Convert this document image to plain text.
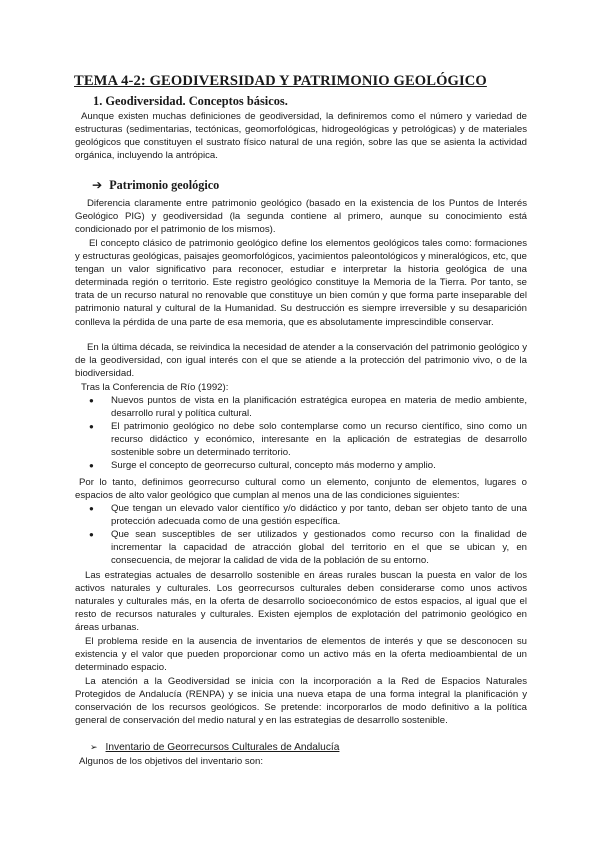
TEMA 4-2: GEODIVERSIDAD Y PATRIMONIO GEOLÓGICO
1. Geodiversidad. Conceptos básicos.

Aunque existen muchas definiciones de geodiversidad, la definiremos como el número y variedad de estructuras (sedimentarias, tectónicas, geomorfológicas, hidrogeológicas y petrológicas) y de materiales geológicos que constituyen el sustrato físico natural de una región, sobre las que se asienta la actividad orgánica, incluyendo la antrópica.

➔ Patrimonio geológico

Diferencia claramente entre patrimonio geológico (basado en la existencia de los Puntos de Interés Geológico PIG) y geodiversidad (la segunda contiene al primero, aunque su conocimiento está condicionado por el patrimonio de los mismos).

El concepto clásico de patrimonio geológico define los elementos geológicos tales como: formaciones y estructuras geológicas, paisajes geomorfológicos, yacimientos paleontológicos y mineralógicos, etc, que tengan un valor significativo para reconocer, estudiar e interpretar la historia geológica de una determinada región o territorio. Este registro geológico constituye la Memoria de la Tierra. Por tanto, se trata de un recurso natural no renovable que constituye un bien común y que forma parte inseparable del patrimonio natural y cultural de la Humanidad. Su destrucción es siempre irreversible y su desaparición conlleva la pérdida de una parte de esa memoria, que es absolutamente imprescindible conservar.

En la última década, se reivindica la necesidad de atender a la conservación del patrimonio geológico y de la geodiversidad, con igual interés con el que se atiende a la protección del patrimonio vivo, o de la biodiversidad.

Tras la Conferencia de Río (1992):

● Nuevos puntos de vista en la planificación estratégica europea en materia de medio ambiente, desarrollo rural y política cultural.
● El patrimonio geológico no debe solo contemplarse como un recurso científico, sino como un recurso didáctico y económico, interesante en la aplicación de estrategias de desarrollo sostenible sobre un determinado territorio.
● Surge el concepto de georrecurso cultural, concepto más moderno y amplio.

Por lo tanto, definimos georrecurso cultural como un elemento, conjunto de elementos, lugares o espacios de alto valor geológico que cumplan al menos una de las condiciones siguientes:

● Que tengan un elevado valor científico y/o didáctico y por tanto, deban ser objeto tanto de una protección adecuada como de una gestión específica.
● Que sean susceptibles de ser utilizados y gestionados como recurso con la finalidad de incrementar la capacidad de atracción global del territorio en el que se ubican y, en consecuencia, de mejorar la calidad de vida de la población de su entorno.

Las estrategias actuales de desarrollo sostenible en áreas rurales buscan la puesta en valor de los activos naturales y culturales. Los georrecursos culturales deben considerarse como unos activos naturales y culturales más, en la oferta de desarrollo socioeconómico de estos espacios, al igual que el resto de recursos naturales y culturales. Existen ejemplos de explotación del patrimonio geológico en áreas urbanas.

El problema reside en la ausencia de inventarios de elementos de interés y que se desconocen su existencia y el valor que pueden proporcionar como un activo más en la oferta medioambiental de un determinado espacio.

La atención a la Geodiversidad se inicia con la incorporación a la Red de Espacios Naturales Protegidos de Andalucía (RENPA) y se inicia una nueva etapa de una forma integral la planificación y conservación de los recursos geológicos. Se pretende: incorporarlos de modo definitivo a la política general de conservación del medio natural y en las estrategias de desarrollo sostenible.

➢ Inventario de Georrecursos Culturales de Andalucía

Algunos de los objetivos del inventario son:
